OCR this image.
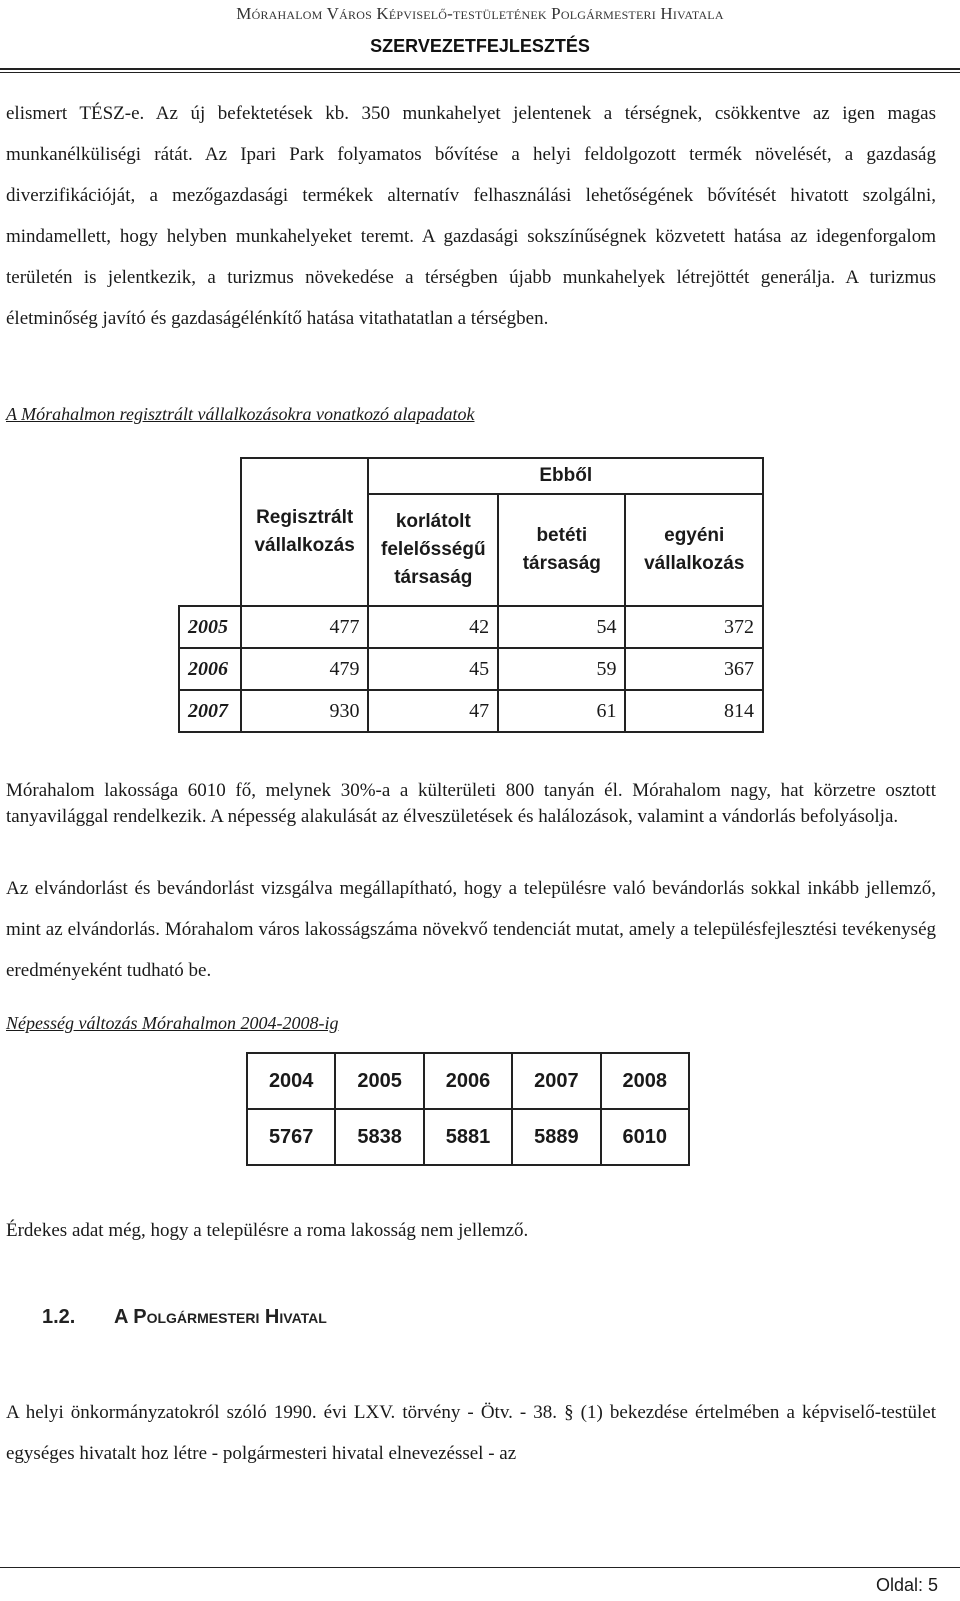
Mórahalom Város Képviselő-testületének Polgármesteri Hivatala
SZERVEZETFEJLESZTÉS
elismert TÉSZ-e. Az új befektetések kb. 350 munkahelyet jelentenek a térségnek, csökkentve az igen magas munkanélküliségi rátát. Az Ipari Park folyamatos bővítése a helyi feldolgozott termék növelését, a gazdaság diverzifikációját, a mezőgazdasági termékek alternatív felhasználási lehetőségének bővítését hivatott szolgálni, mindamellett, hogy helyben munkahelyeket teremt. A gazdasági sokszínűségnek közvetett hatása az idegenforgalom területén is jelentkezik, a turizmus növekedése a térségben újabb munkahelyek létrejöttét generálja. A turizmus életminőség javító és gazdaságélénkítő hatása vitathatatlan a térségben.
A Mórahalmon regisztrált vállalkozásokra vonatkozó alapadatok
	Regisztrált vállalkozás	Ebből		
		korlátolt felelősségű társaság	betéti társaság	egyéni vállalkozás
2005	477	42	54	372
2006	479	45	59	367
2007	930	47	61	814
Mórahalom lakossága 6010 fő, melynek 30%-a a külterületi 800 tanyán él. Mórahalom nagy, hat körzetre osztott tanyavilággal rendelkezik. A népesség alakulását az élveszületések és halálozások, valamint a vándorlás befolyásolja.
Az elvándorlást és bevándorlást vizsgálva megállapítható, hogy a településre való bevándorlás sokkal inkább jellemző, mint az elvándorlás. Mórahalom város lakosságszáma növekvő tendenciát mutat, amely a településfejlesztési tevékenység eredményeként tudható be.
Népesség változás Mórahalmon 2004-2008-ig
2004	2005	2006	2007	2008
5767	5838	5881	5889	6010
Érdekes adat még, hogy a településre a roma lakosság nem jellemző.
1.2. A Polgármesteri Hivatal
A helyi önkormányzatokról szóló 1990. évi LXV. törvény - Ötv. - 38. § (1) bekezdése értelmében a képviselő-testület egységes hivatalt hoz létre - polgármesteri hivatal elnevezéssel - az
Oldal: 5
